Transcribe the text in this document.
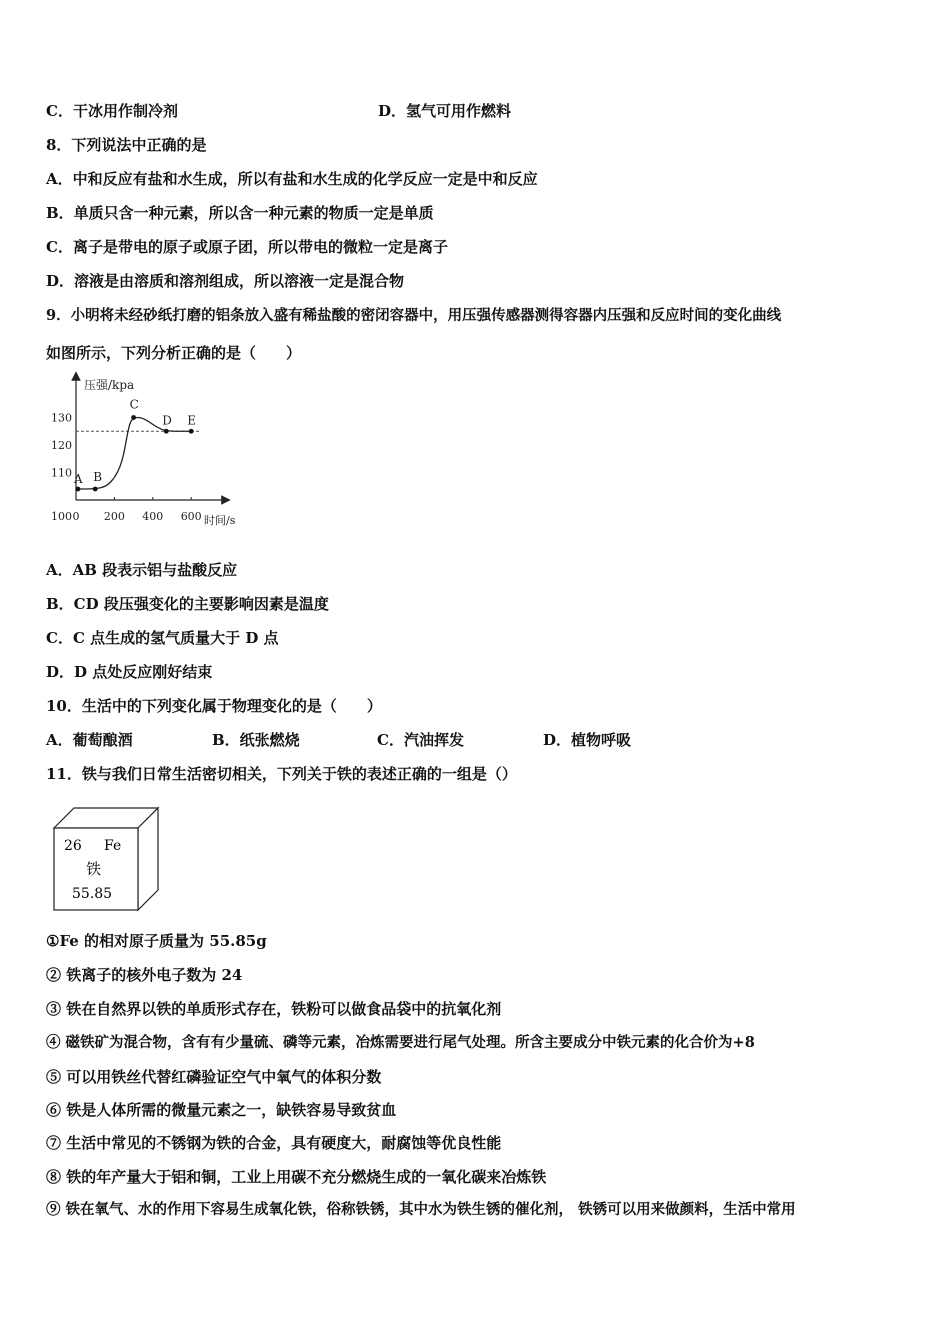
C．干冰用作制冷剂	D．氢气可用作燃料
8．下列说法中正确的是
A．中和反应有盐和水生成，所以有盐和水生成的化学反应一定是中和反应
B．单质只含一种元素，所以含一种元素的物质一定是单质
C．离子是带电的原子或原子团，所以带电的微粒一定是离子
D．溶液是由溶质和溶剂组成，所以溶液一定是混合物
9．小明将未经砂纸打磨的铝条放入盛有稀盐酸的密闭容器中，用压强传感器测得容器内压强和反应时间的变化曲线
如图所示，下列分析正确的是（　　）
压强/kpa
时间/s
0 200 400 600
100
110
120
130
A B
C
D E
A．AB 段表示铝与盐酸反应
B．CD 段压强变化的主要影响因素是温度
C．C 点生成的氢气质量大于 D 点
D．D 点处反应刚好结束
10．生活中的下列变化属于物理变化的是（　　）
A．葡萄酿酒	B．纸张燃烧	C．汽油挥发	D．植物呼吸
11．铁与我们日常生活密切相关，下列关于铁的表述正确的一组是（）
26 Fe
铁
55.85
①Fe 的相对原子质量为 55.85g
② 铁离子的核外电子数为 24
③ 铁在自然界以铁的单质形式存在，铁粉可以做食品袋中的抗氧化剂
④ 磁铁矿为混合物，含有有少量硫、磷等元素，冶炼需要进行尾气处理。所含主要成分中铁元素的化合价为+8
⑤ 可以用铁丝代替红磷验证空气中氧气的体积分数
⑥ 铁是人体所需的微量元素之一，缺铁容易导致贫血
⑦ 生活中常见的不锈钢为铁的合金，具有硬度大，耐腐蚀等优良性能
⑧ 铁的年产量大于铝和铜，工业上用碳不充分燃烧生成的一氧化碳来冶炼铁
⑨ 铁在氧气、水的作用下容易生成氧化铁，俗称铁锈，其中水为铁生锈的催化剂， 铁锈可以用来做颜料，生活中常用
